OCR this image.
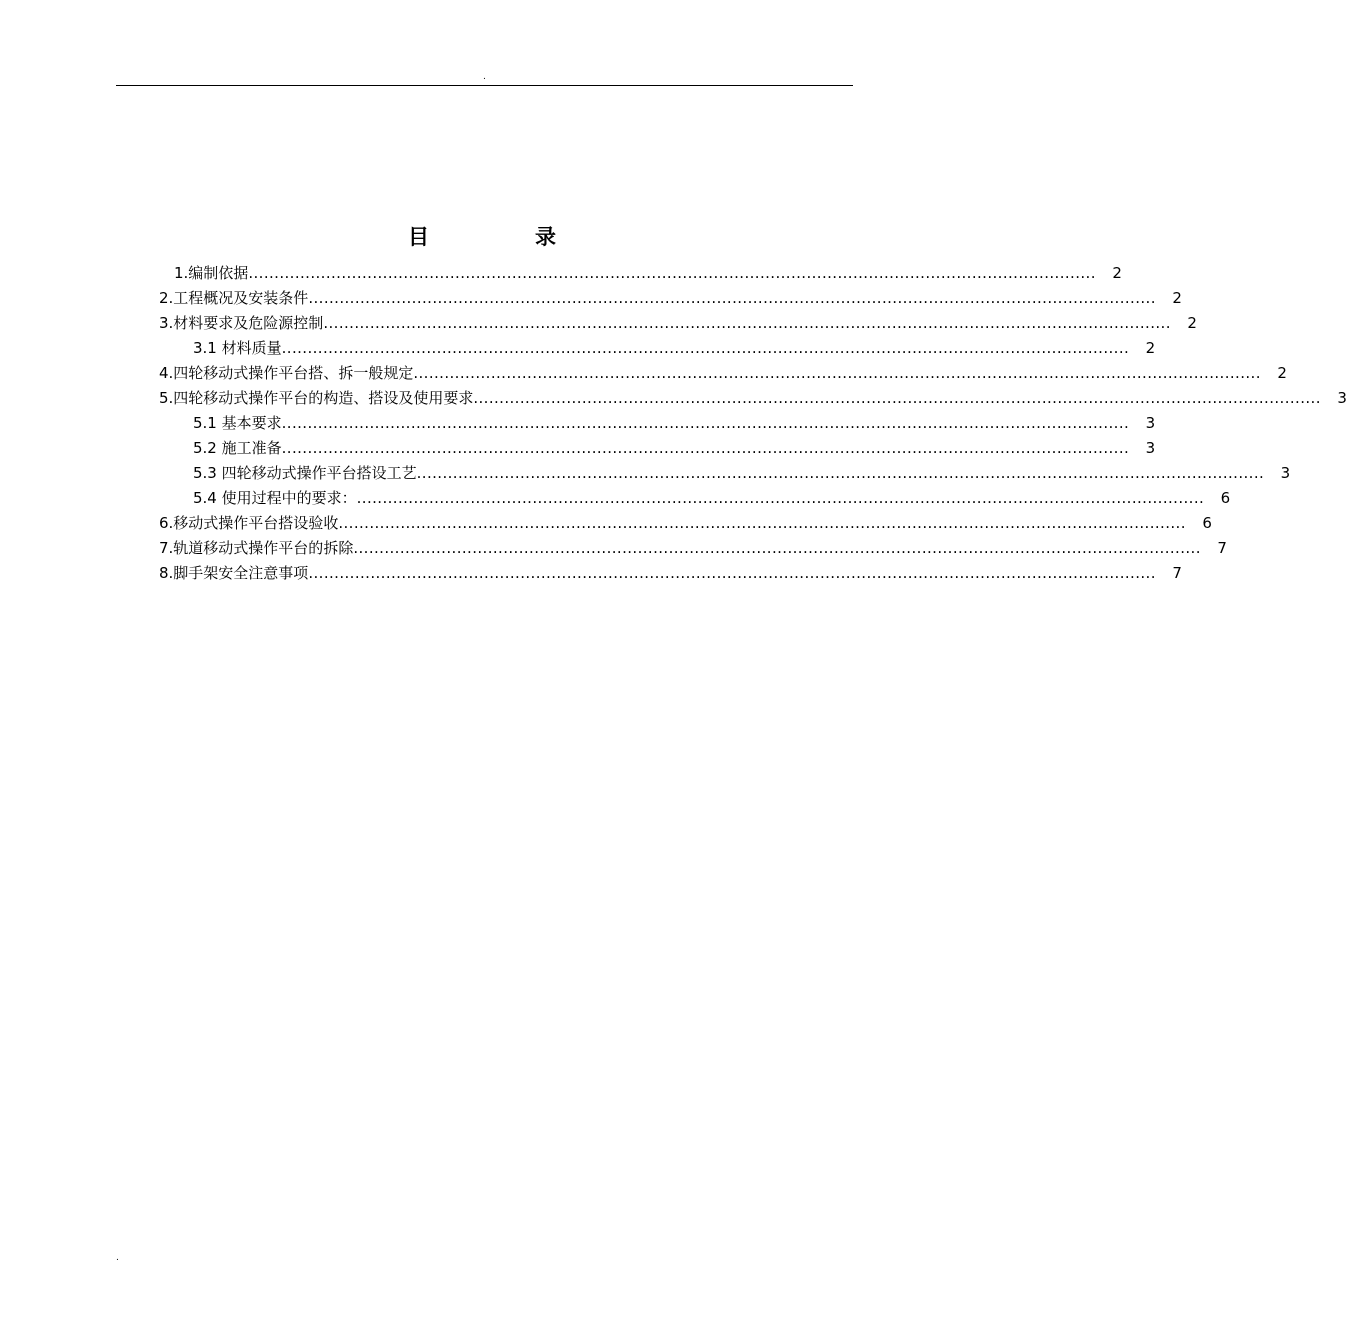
.
目	录
1.编制依据 .................................................................................................................................................................... 2
2.工程概况及安装条件 .................................................................................................................................................................... 2
3.材料要求及危险源控制 .................................................................................................................................................................... 2
3.1 材料质量 .................................................................................................................................................................... 2
4.四轮移动式操作平台搭、拆一般规定 .................................................................................................................................................................... 2
5.四轮移动式操作平台的构造、搭设及使用要求 .................................................................................................................................................................... 3
5.1 基本要求 .................................................................................................................................................................... 3
5.2 施工准备 .................................................................................................................................................................... 3
5.3 四轮移动式操作平台搭设工艺 .................................................................................................................................................................... 3
5.4 使用过程中的要求： .................................................................................................................................................................... 6
6.移动式操作平台搭设验收 .................................................................................................................................................................... 6
7.轨道移动式操作平台的拆除 .................................................................................................................................................................... 7
8.脚手架安全注意事项 .................................................................................................................................................................... 7
.
